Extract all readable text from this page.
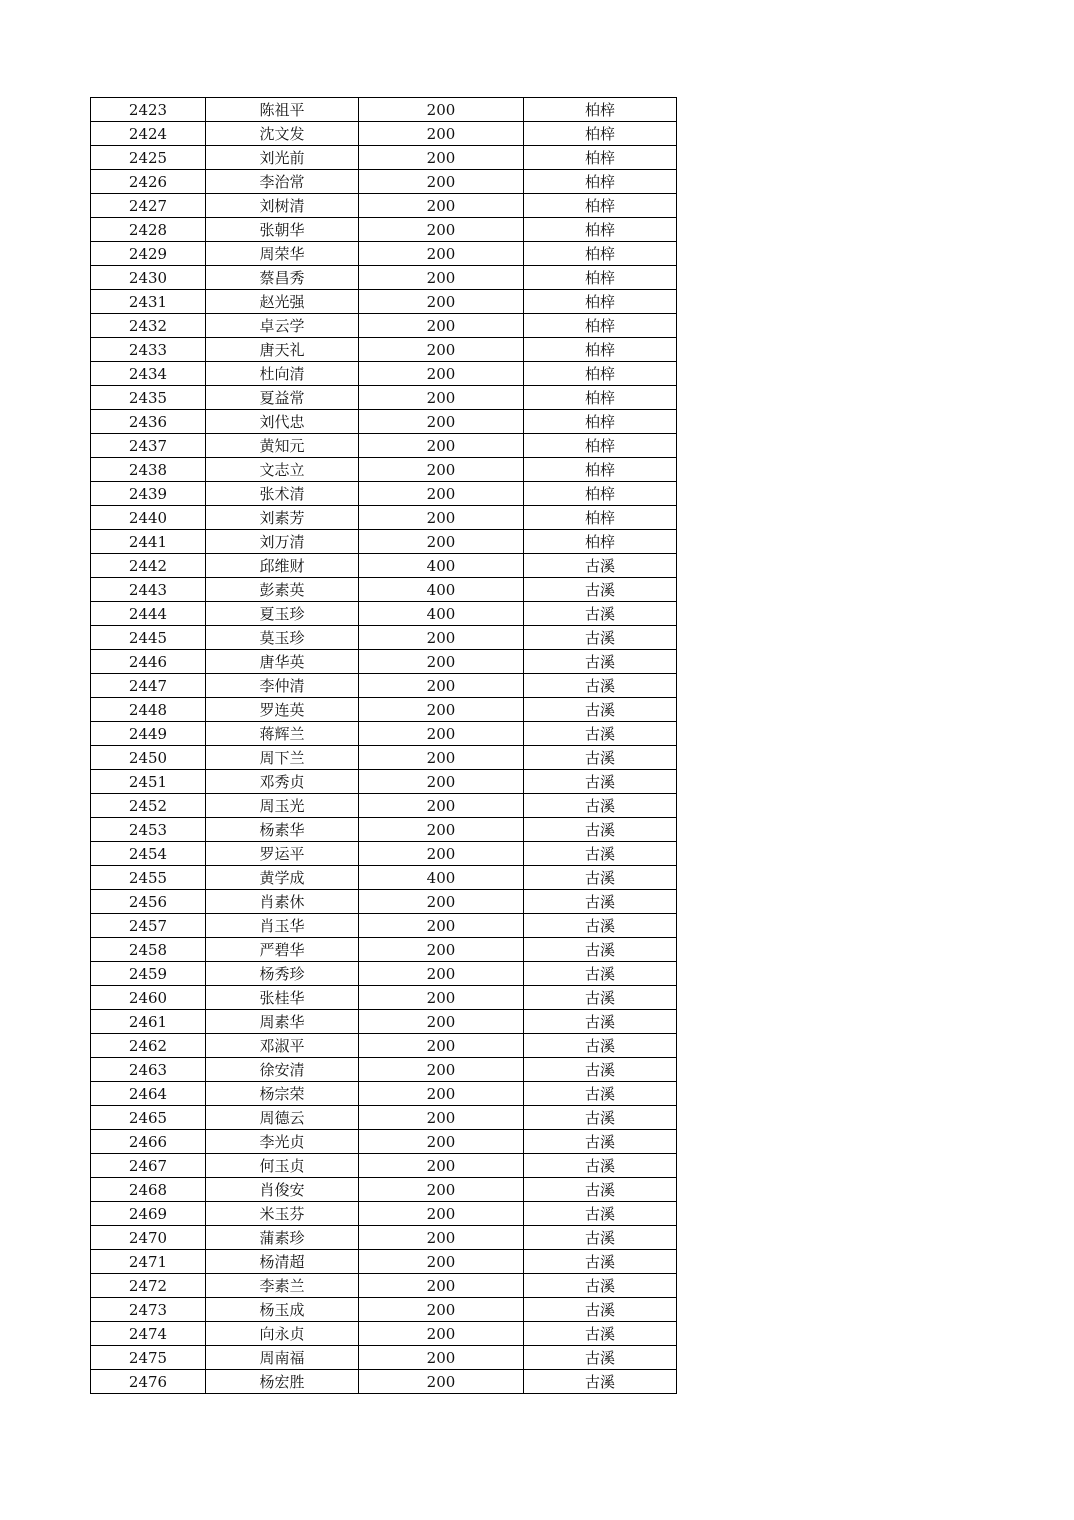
2423	陈祖平	200	柏梓
2424	沈文发	200	柏梓
2425	刘光前	200	柏梓
2426	李治常	200	柏梓
2427	刘树清	200	柏梓
2428	张朝华	200	柏梓
2429	周荣华	200	柏梓
2430	蔡昌秀	200	柏梓
2431	赵光强	200	柏梓
2432	卓云学	200	柏梓
2433	唐天礼	200	柏梓
2434	杜向清	200	柏梓
2435	夏益常	200	柏梓
2436	刘代忠	200	柏梓
2437	黄知元	200	柏梓
2438	文志立	200	柏梓
2439	张术清	200	柏梓
2440	刘素芳	200	柏梓
2441	刘万清	200	柏梓
2442	邱维财	400	古溪
2443	彭素英	400	古溪
2444	夏玉珍	400	古溪
2445	莫玉珍	200	古溪
2446	唐华英	200	古溪
2447	李仲清	200	古溪
2448	罗连英	200	古溪
2449	蒋辉兰	200	古溪
2450	周下兰	200	古溪
2451	邓秀贞	200	古溪
2452	周玉光	200	古溪
2453	杨素华	200	古溪
2454	罗运平	200	古溪
2455	黄学成	400	古溪
2456	肖素休	200	古溪
2457	肖玉华	200	古溪
2458	严碧华	200	古溪
2459	杨秀珍	200	古溪
2460	张桂华	200	古溪
2461	周素华	200	古溪
2462	邓淑平	200	古溪
2463	徐安清	200	古溪
2464	杨宗荣	200	古溪
2465	周德云	200	古溪
2466	李光贞	200	古溪
2467	何玉贞	200	古溪
2468	肖俊安	200	古溪
2469	米玉芬	200	古溪
2470	蒲素珍	200	古溪
2471	杨清超	200	古溪
2472	李素兰	200	古溪
2473	杨玉成	200	古溪
2474	向永贞	200	古溪
2475	周南福	200	古溪
2476	杨宏胜	200	古溪
